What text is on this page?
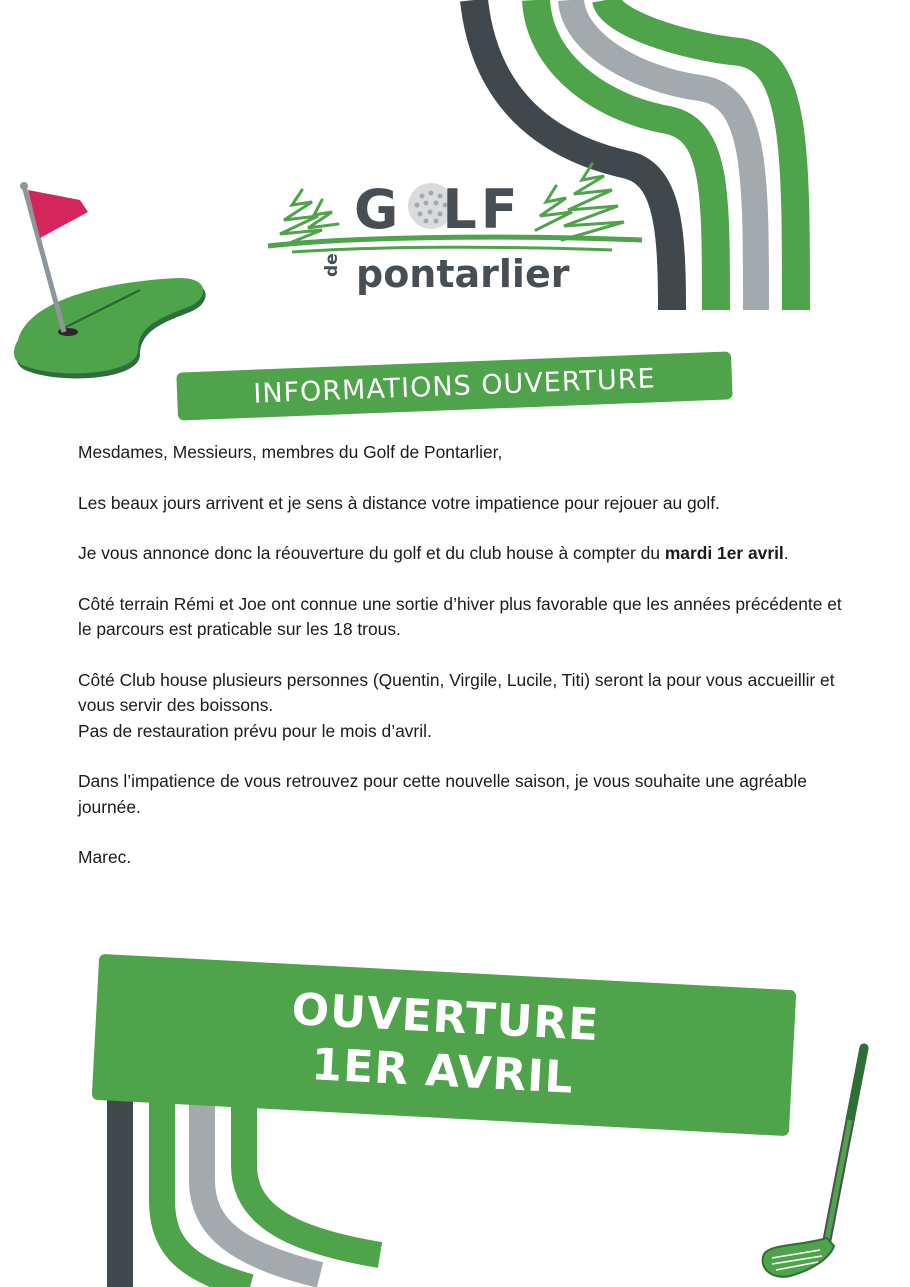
G LF
de pontarlier
INFORMATIONS OUVERTURE

Mesdames, Messieurs, membres du Golf de Pontarlier,

Les beaux jours arrivent et je sens à distance votre impatience pour rejouer au golf.

Je vous annonce donc la réouverture du golf et du club house à compter du mardi 1er avril.

Côté terrain Rémi et Joe ont connue une sortie d’hiver plus favorable que les années précédente et le parcours est praticable sur les 18 trous.

Côté Club house plusieurs personnes (Quentin, Virgile, Lucile, Titi) seront la pour vous accueillir et vous servir des boissons.

Pas de restauration prévu pour le mois d’avril.

Dans l’impatience de vous retrouvez pour cette nouvelle saison, je vous souhaite une agréable journée.

Marec.

OUVERTURE
1ER AVRIL
